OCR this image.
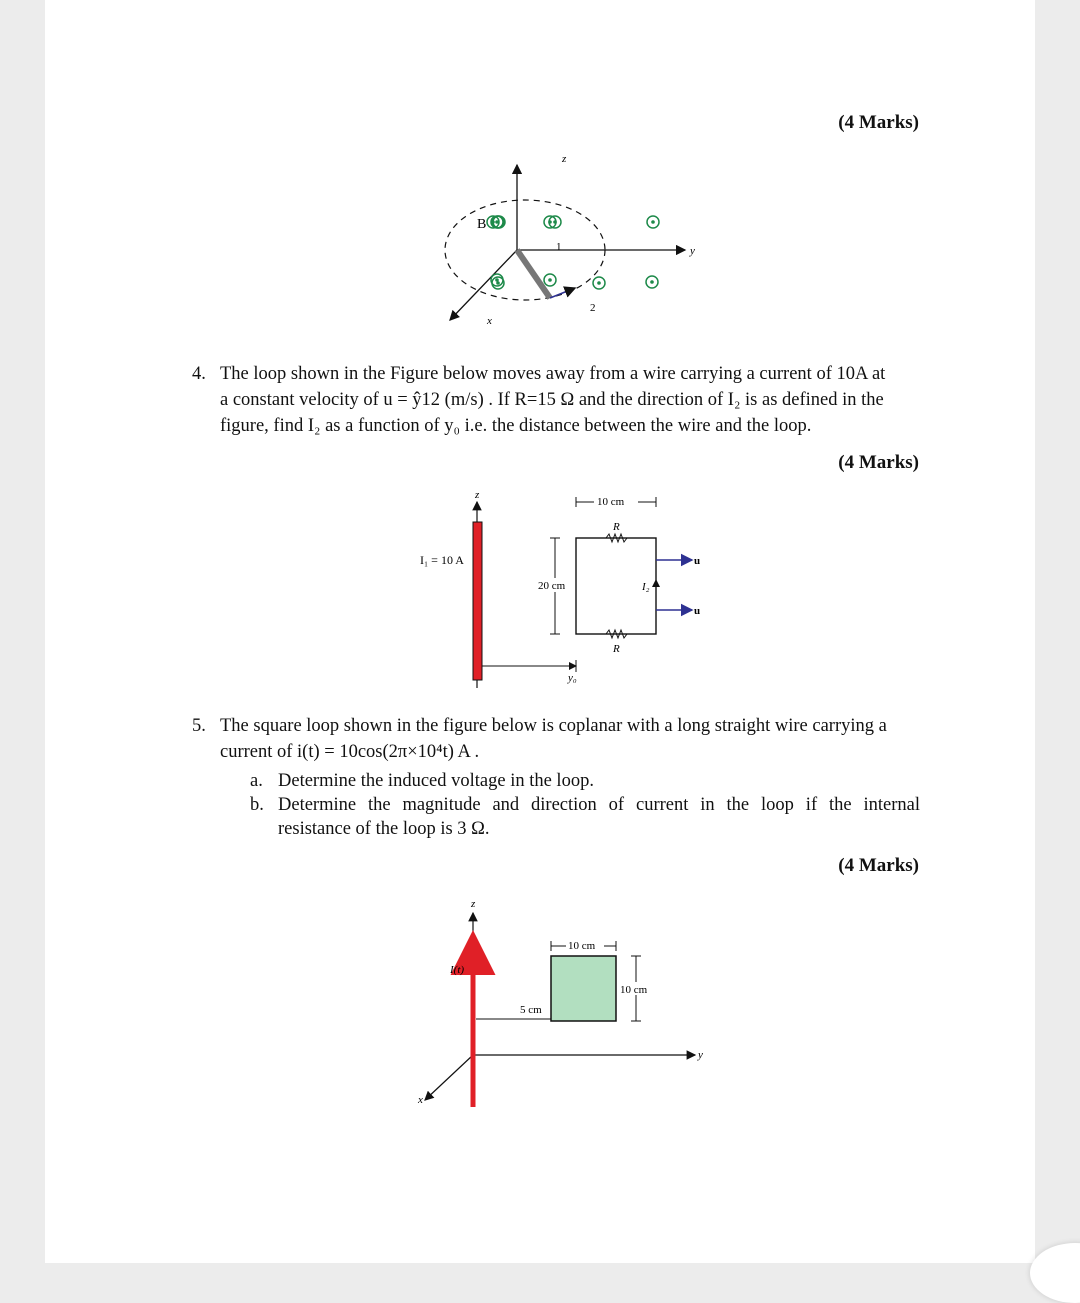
(4 Marks)
B
z
y
x
1
2
4. The loop shown in the Figure below moves away from a wire carrying a current of 10A at
a constant velocity of u = ŷ12 (m/s) . If R=15 Ω and the direction of I₂ is as defined in the
figure, find I₂ as a function of y₀ i.e. the distance between the wire and the loop.
(4 Marks)
z
I₁ = 10 A
R
R
10 cm
20 cm	I₂
u
u
y₀
5. The square loop shown in the figure below is coplanar with a long straight wire carrying a
current of i(t) = 10cos(2π×10⁴t) A .
a. Determine the induced voltage in the loop.
b. Determine the magnitude and direction of current in the loop if the internal
resistance of the loop is 3 Ω.
(4 Marks)
z
y
x
I(t)
10 cm
10 cm
5 cm
